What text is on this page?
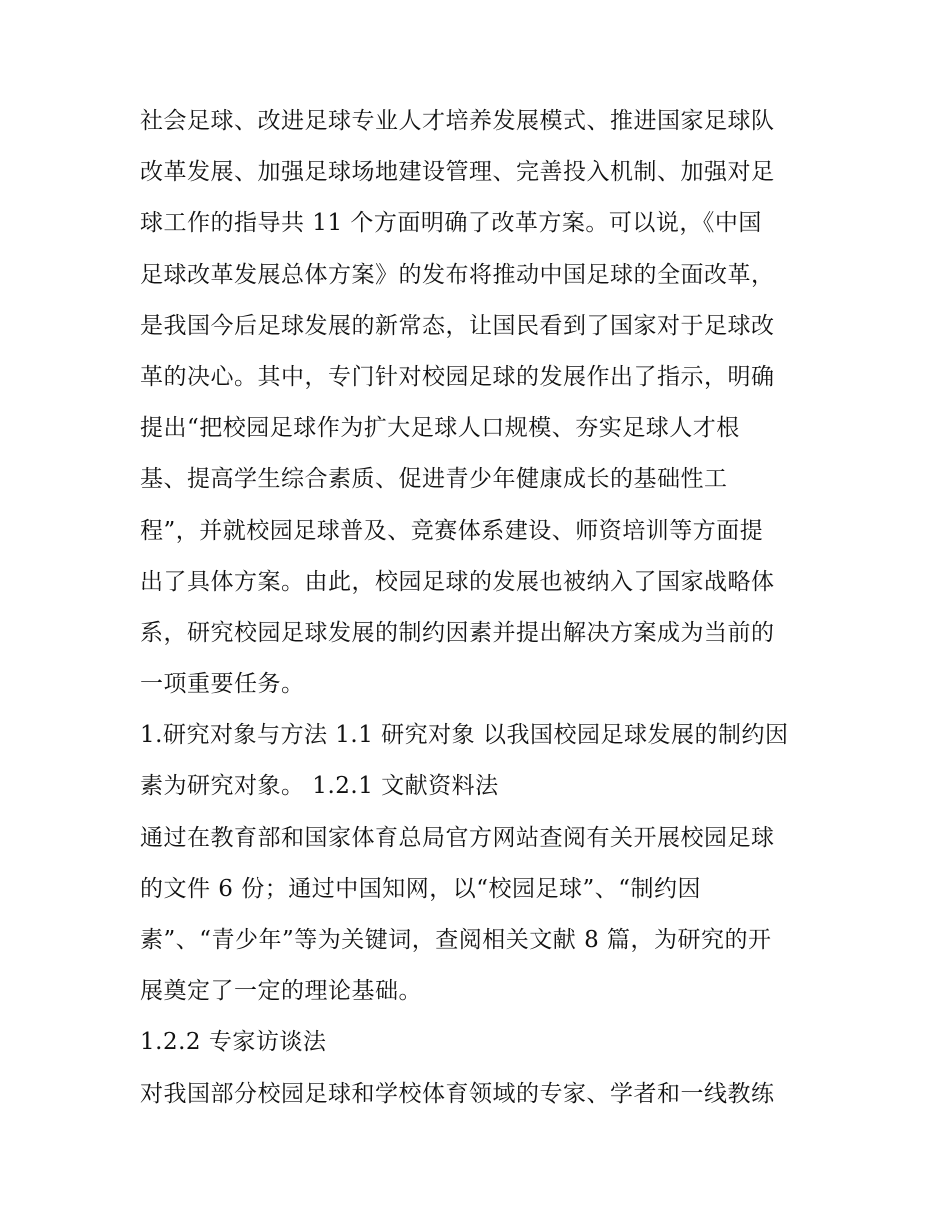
社会足球、改进足球专业人才培养发展模式、推进国家足球队
改革发展、加强足球场地建设管理、完善投入机制、加强对足
球工作的指导共 11 个方面明确了改革方案。可以说，《中国
足球改革发展总体方案》的发布将推动中国足球的全面改革，
是我国今后足球发展的新常态，让国民看到了国家对于足球改
革的决心。其中，专门针对校园足球的发展作出了指示，明确
提出“把校园足球作为扩大足球人口规模、夯实足球人才根
基、提高学生综合素质、促进青少年健康成长的基础性工
程”，并就校园足球普及、竞赛体系建设、师资培训等方面提
出了具体方案。由此，校园足球的发展也被纳入了国家战略体
系，研究校园足球发展的制约因素并提出解决方案成为当前的
一项重要任务。
1.研究对象与方法 1.1 研究对象 以我国校园足球发展的制约因
素为研究对象。 1.2.1 文献资料法
通过在教育部和国家体育总局官方网站查阅有关开展校园足球
的文件 6 份；通过中国知网，以“校园足球”、“制约因
素”、“青少年”等为关键词，查阅相关文献 8 篇，为研究的开
展奠定了一定的理论基础。
1.2.2 专家访谈法
对我国部分校园足球和学校体育领域的专家、学者和一线教练
